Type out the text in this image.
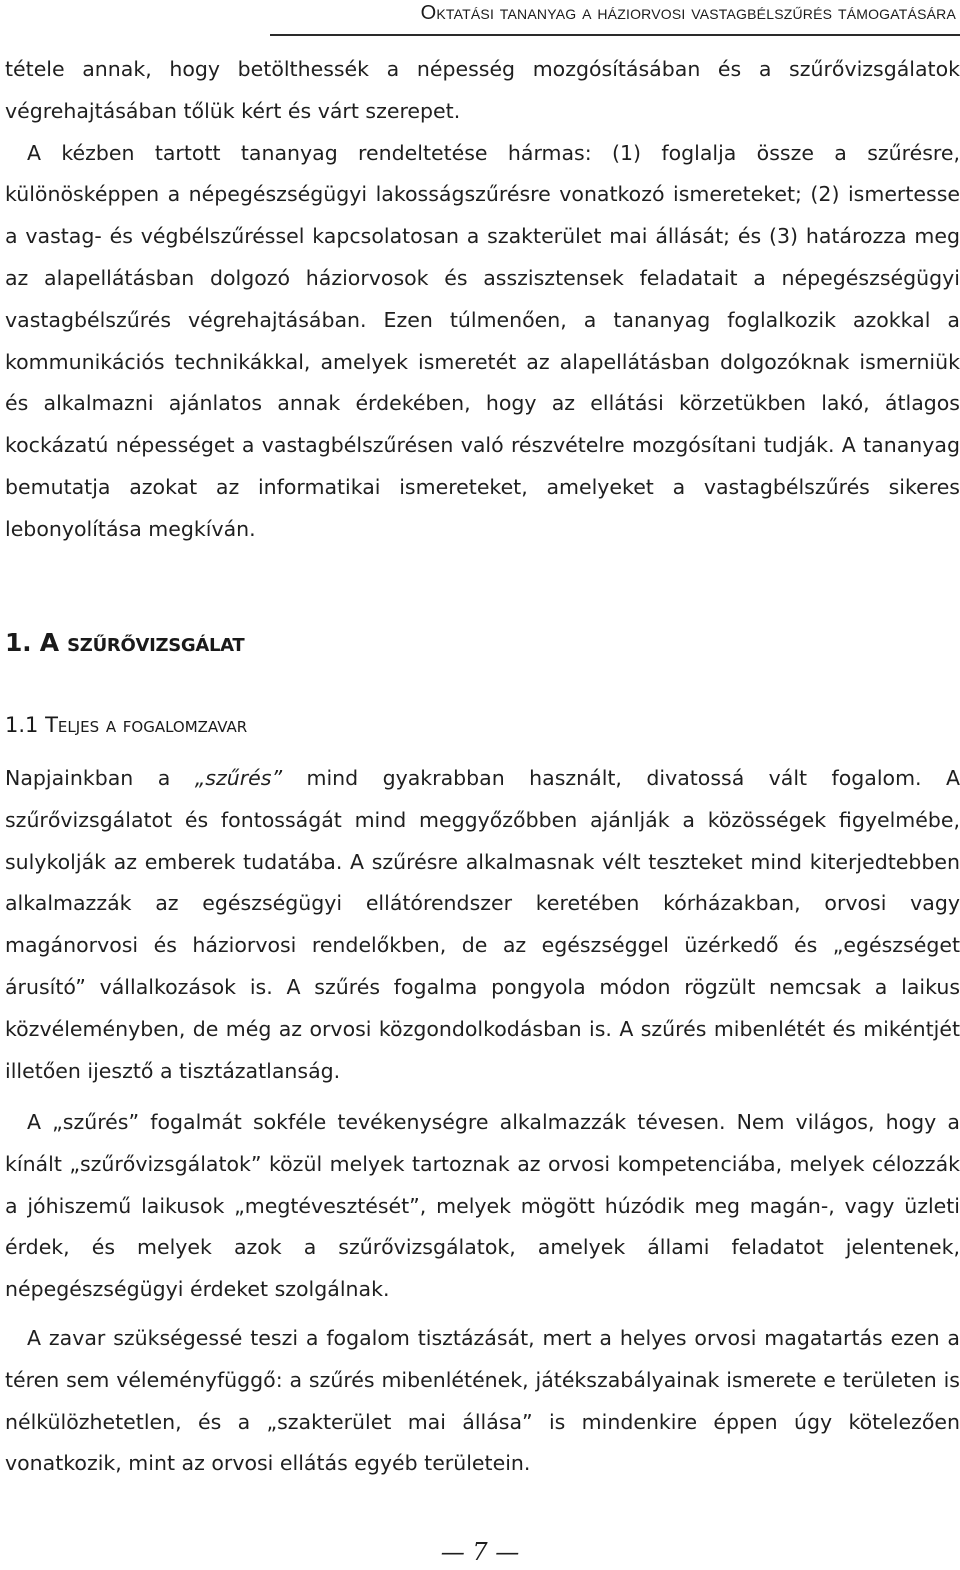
Oktatási tananyag a háziorvosi vastagbélszűrés támogatására
tétele annak, hogy betölthessék a népesség mozgósításában és a szűrővizsgálatok végrehajtásában tőlük kért és várt szerepet.
A kézben tartott tananyag rendeltetése hármas: (1) foglalja össze a szűrésre, különösképpen a népegészségügyi lakosságszűrésre vonatkozó ismereteket; (2) ismertesse a vastag- és végbélszűréssel kapcsolatosan a szakterület mai állását; és (3) határozza meg az alapellátásban dolgozó háziorvosok és asszisztensek feladatait a népegészségügyi vastagbélszűrés végrehajtásában. Ezen túlmenően, a tananyag foglalkozik azokkal a kommunikációs technikákkal, amelyek ismeretét az alapellátásban dolgozóknak ismerniük és alkalmazni ajánlatos annak érdekében, hogy az ellátási körzetükben lakó, átlagos kockázatú népességet a vastagbélszűrésen való részvételre mozgósítani tudják. A tananyag bemutatja azokat az informatikai ismereteket, amelyeket a vastagbélszűrés sikeres lebonyolítása megkíván.
1. A szűrővizsgálat
1.1 Teljes a fogalomzavar

Napjainkban a „szűrés” mind gyakrabban használt, divatossá vált fogalom. A szűrővizsgálatot és fontosságát mind meggyőzőbben ajánlják a közösségek figyelmébe, sulykolják az emberek tudatába. A szűrésre alkalmasnak vélt teszteket mind kiterjedtebben alkalmazzák az egészségügyi ellátórendszer keretében kórházakban, orvosi vagy magánorvosi és háziorvosi rendelőkben, de az egészséggel üzérkedő és „egészséget árusító” vállalkozások is. A szűrés fogalma pongyola módon rögzült nemcsak a laikus közvéleményben, de még az orvosi közgondolkodásban is. A szűrés mibenlétét és mikéntjét illetően ijesztő a tisztázatlanság.

A „szűrés” fogalmát sokféle tevékenységre alkalmazzák tévesen. Nem világos, hogy a kínált „szűrővizsgálatok” közül melyek tartoznak az orvosi kompetenciába, melyek célozzák a jóhiszemű laikusok „megtévesztését”, melyek mögött húzódik meg magán-, vagy üzleti érdek, és melyek azok a szűrővizsgálatok, amelyek állami feladatot jelentenek, népegészségügyi érdeket szolgálnak.

A zavar szükségessé teszi a fogalom tisztázását, mert a helyes orvosi magatartás ezen a téren sem véleményfüggő: a szűrés mibenlétének, játékszabályainak ismerete e területen is nélkülözhetetlen, és a „szakterület mai állása” is mindenkire éppen úgy kötelezően vonatkozik, mint az orvosi ellátás egyéb területein.

— 7 —
